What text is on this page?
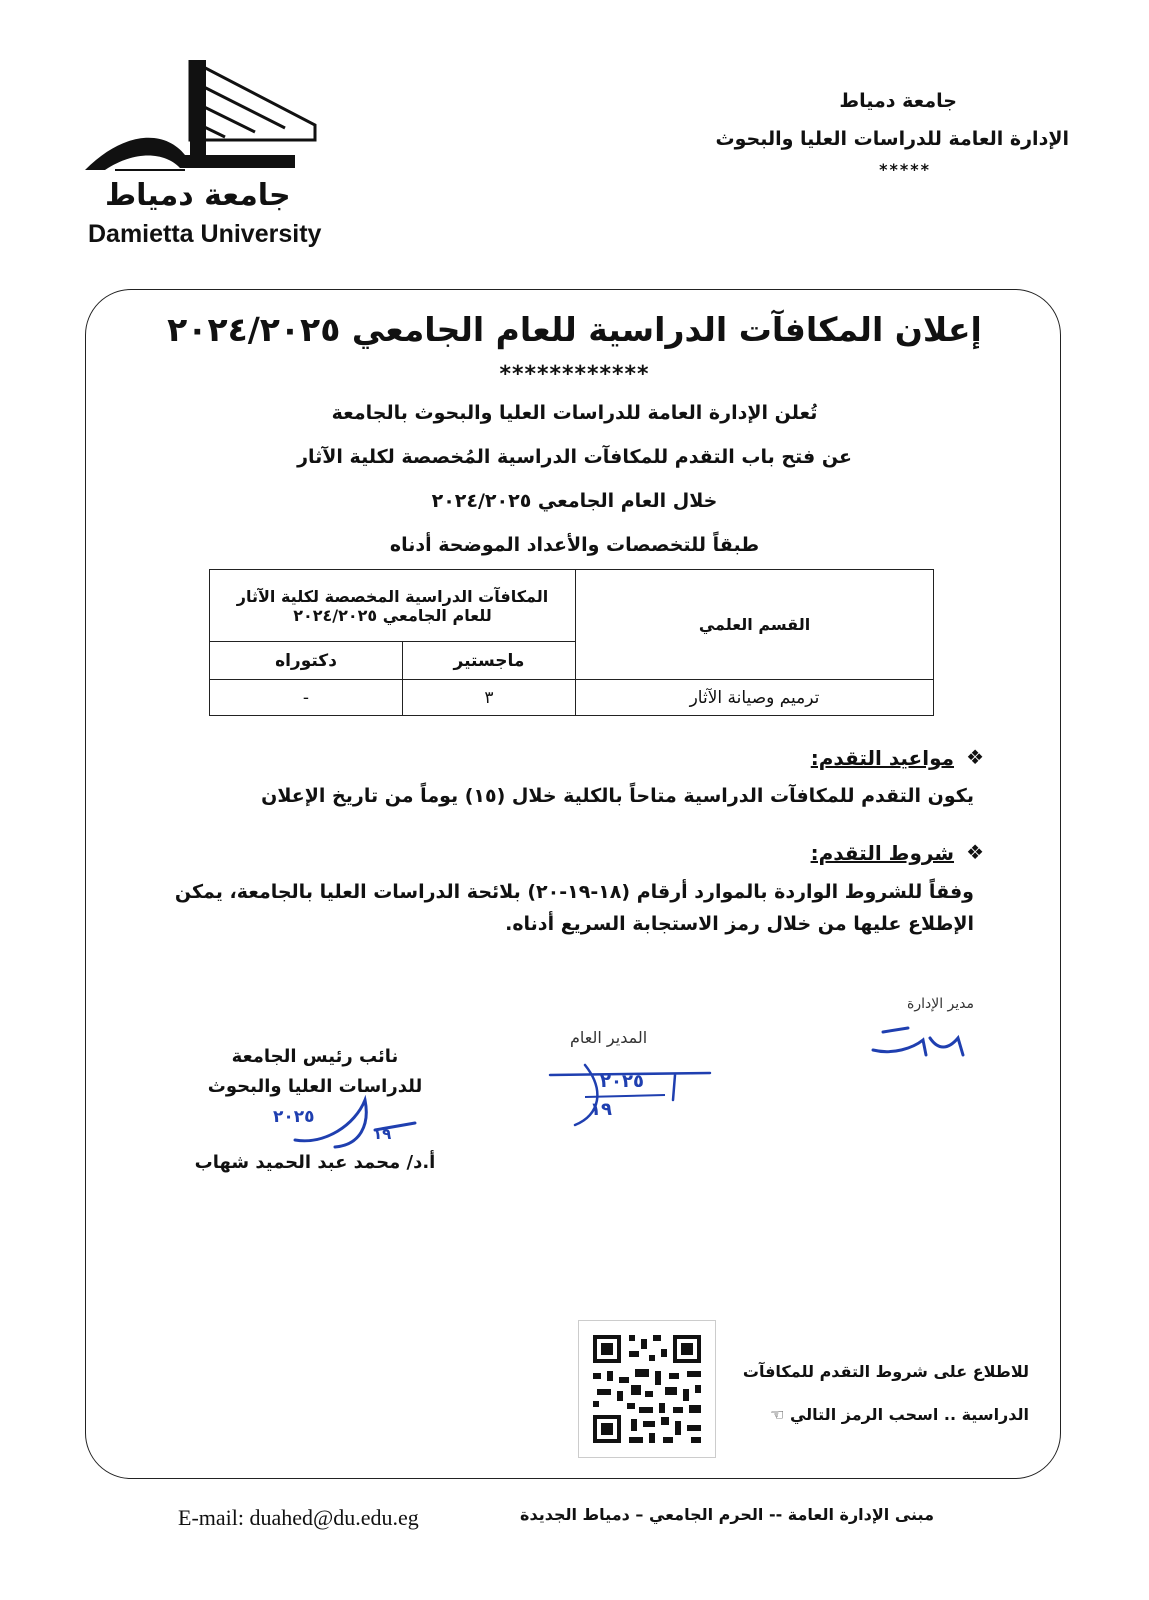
جامعة دمياط
Damietta University
جامعة دمياط
الإدارة العامة للدراسات العليا والبحوث
*****
إعلان المكافآت الدراسية للعام الجامعي ٢٠٢٤/٢٠٢٥
************
تُعلن الإدارة العامة للدراسات العليا والبحوث بالجامعة
عن فتح باب التقدم للمكافآت الدراسية المُخصصة لكلية الآثار
خلال العام الجامعي ٢٠٢٤/٢٠٢٥
طبقاً للتخصصات والأعداد الموضحة أدناه
القسم العلمي	المكافآت الدراسية المخصصة لكلية الآثار
للعام الجامعي ٢٠٢٤/٢٠٢٥	

	ماجستير	دكتوراه
ترميم وصيانة الآثار	٣	-
❖
مواعيد التقدم:
يكون التقدم للمكافآت الدراسية متاحاً بالكلية خلال (١٥) يوماً من تاريخ الإعلان
❖
شروط التقدم:
وفقاً للشروط الواردة بالموارد أرقام (١٨-١٩-٢٠) بلائحة الدراسات العليا بالجامعة، يمكن
الإطلاع عليها من خلال رمز الاستجابة السريع أدناه.
مدير الإدارة
المدير العام
٢٠٢٥
١٩
نائب رئيس الجامعة
للدراسات العليا والبحوث
٢٠٢٥
١٩
أ.د/ محمد عبد الحميد شهاب
للاطلاع على شروط التقدم للمكافآت
الدراسية .. اسحب الرمز التالي ☜
E-mail: duahed@du.edu.eg	مبنى الإدارة العامة -- الحرم الجامعي – دمياط الجديدة
